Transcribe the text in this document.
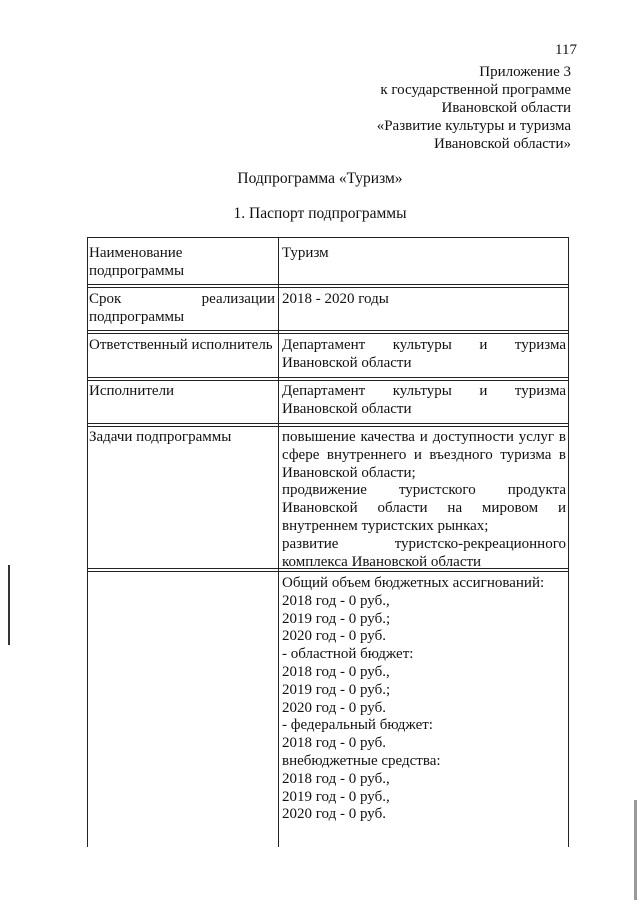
117
Приложение 3
к государственной программе
Ивановской области
«Развитие культуры и туризма
Ивановской области»
Подпрограмма «Туризм»
1. Паспорт подпрограммы
Наименование
подпрограммы
Туризм
Срок реализации
подпрограммы
2018 - 2020 годы
Ответственный исполнитель Департамент культуры и туризма
Ивановской области
Исполнители	Департамент культуры и туризма
Ивановской области
Задачи подпрограммы	повышение качества и доступности услуг в
сфере внутреннего и въездного туризма в
Ивановской области;
продвижение туристского продукта
Ивановской области на мировом и
внутреннем туристских рынках;
развитие туристско-рекреационного
комплекса Ивановской области
Общий объем бюджетных ассигнований:
2018 год - 0 руб.,
2019 год - 0 руб.;
2020 год - 0 руб.
- областной бюджет:
2018 год - 0 руб.,
2019 год - 0 руб.;
2020 год - 0 руб.
- федеральный бюджет:
2018 год - 0 руб.
внебюджетные средства:
2018 год - 0 руб.,
2019 год - 0 руб.,
2020 год - 0 руб.
